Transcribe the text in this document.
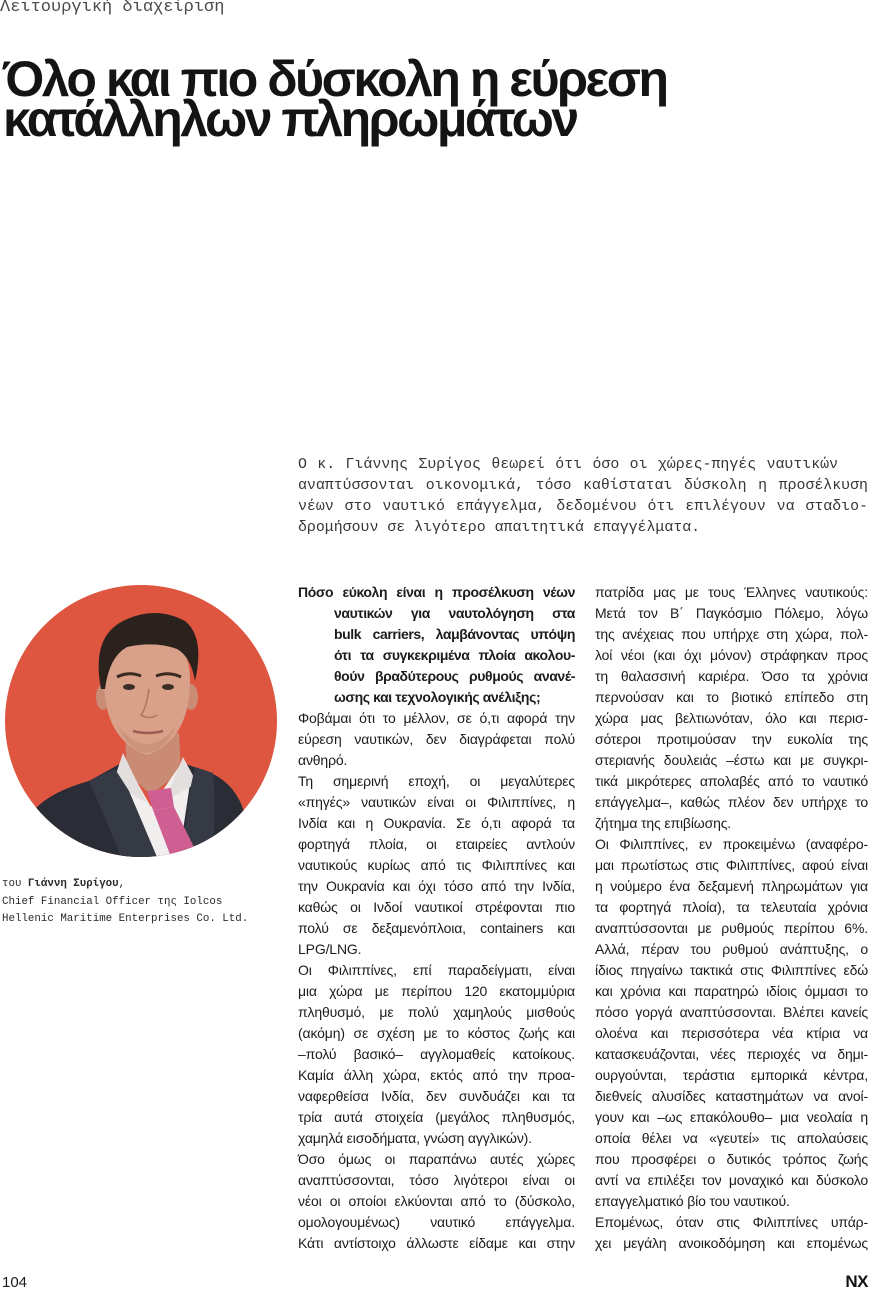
Λειτουργική διαχείριση
Όλο και πιο δύσκολη η εύρεση
κατάλληλων πληρωμάτων
Ο κ. Γιάννης Συρίγος θεωρεί ότι όσο οι χώρες-πηγές ναυτικών
αναπτύσσονται οικονομικά, τόσο καθίσταται δύσκολη η προσέλκυση
νέων στο ναυτικό επάγγελμα, δεδομένου ότι επιλέγουν να σταδιο-
δρομήσουν σε λιγότερο απαιτητικά επαγγέλματα.
του Γιάννη Συρίγου,
Chief Financial Officer της Iolcos
Hellenic Maritime Enterprises Co. Ltd.
Πόσο εύκολη είναι η προσέλκυση νέων
ναυτικών για ναυτολόγηση στα
bulk carriers, λαμβάνοντας υπόψη
ότι τα συγκεκριμένα πλοία ακολου-
θούν βραδύτερους ρυθμούς ανανέ-
ωσης και τεχνολογικής ανέλιξης;
Φοβάμαι ότι το μέλλον, σε ό,τι αφορά την
εύρεση ναυτικών, δεν διαγράφεται πολύ
ανθηρό.
Τη σημερινή εποχή, οι μεγαλύτερες
«πηγές» ναυτικών είναι οι Φιλιππίνες, η
Ινδία και η Ουκρανία. Σε ό,τι αφορά τα
φορτηγά πλοία, οι εταιρείες αντλούν
ναυτικούς κυρίως από τις Φιλιππίνες και
την Ουκρανία και όχι τόσο από την Ινδία,
καθώς οι Ινδοί ναυτικοί στρέφονται πιο
πολύ σε δεξαμενόπλοια, containers και
LPG/LNG.
Οι Φιλιππίνες, επί παραδείγματι, είναι
μια χώρα με περίπου 120 εκατομμύρια
πληθυσμό, με πολύ χαμηλούς μισθούς
(ακόμη) σε σχέση με το κόστος ζωής και
–πολύ βασικό– αγγλομαθείς κατοίκους.
Καμία άλλη χώρα, εκτός από την προα-
ναφερθείσα Ινδία, δεν συνδυάζει και τα
τρία αυτά στοιχεία (μεγάλος πληθυσμός,
χαμηλά εισοδήματα, γνώση αγγλικών).
Όσο όμως οι παραπάνω αυτές χώρες
αναπτύσσονται, τόσο λιγότεροι είναι οι
νέοι οι οποίοι ελκύονται από το (δύσκολο,
ομολογουμένως) ναυτικό επάγγελμα.
Κάτι αντίστοιχο άλλωστε είδαμε και στην
πατρίδα μας με τους Έλληνες ναυτικούς:
Μετά τον Β΄ Παγκόσμιο Πόλεμο, λόγω
της ανέχειας που υπήρχε στη χώρα, πολ-
λοί νέοι (και όχι μόνον) στράφηκαν προς
τη θαλασσινή καριέρα. Όσο τα χρόνια
περνούσαν και το βιοτικό επίπεδο στη
χώρα μας βελτιωνόταν, όλο και περισ-
σότεροι προτιμούσαν την ευκολία της
στεριανής δουλειάς –έστω και με συγκρι-
τικά μικρότερες απολαβές από το ναυτικό
επάγγελμα–, καθώς πλέον δεν υπήρχε το
ζήτημα της επιβίωσης.
Οι Φιλιππίνες, εν προκειμένω (αναφέρο-
μαι πρωτίστως στις Φιλιππίνες, αφού είναι
η νούμερο ένα δεξαμενή πληρωμάτων για
τα φορτηγά πλοία), τα τελευταία χρόνια
αναπτύσσονται με ρυθμούς περίπου 6%.
Αλλά, πέραν του ρυθμού ανάπτυξης, ο
ίδιος πηγαίνω τακτικά στις Φιλιππίνες εδώ
και χρόνια και παρατηρώ ιδίοις όμμασι το
πόσο γοργά αναπτύσσονται. Βλέπει κανείς
ολοένα και περισσότερα νέα κτίρια να
κατασκευάζονται, νέες περιοχές να δημι-
ουργούνται, τεράστια εμπορικά κέντρα,
διεθνείς αλυσίδες καταστημάτων να ανοί-
γουν και –ως επακόλουθο– μια νεολαία η
οποία θέλει να «γευτεί» τις απολαύσεις
που προσφέρει ο δυτικός τρόπος ζωής
αντί να επιλέξει τον μοναχικό και δύσκολο
επαγγελματικό βίο του ναυτικού.
Επομένως, όταν στις Φιλιππίνες υπάρ-
χει μεγάλη ανοικοδόμηση και επομένως
104	NX
